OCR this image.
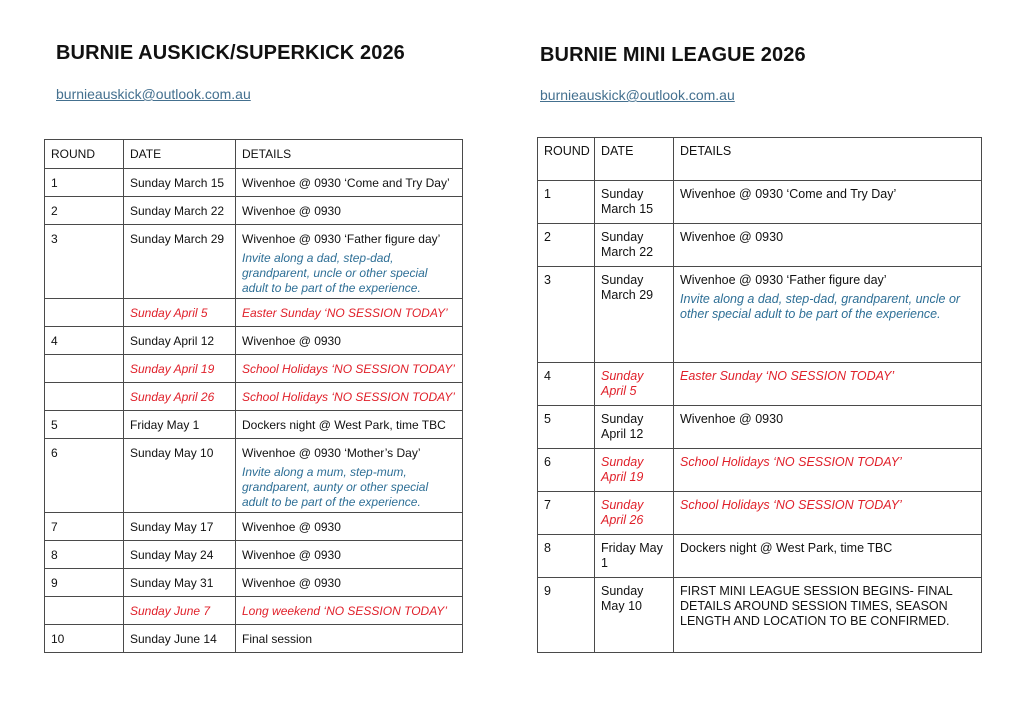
BURNIE AUSKICK/SUPERKICK 2026
burnieauskick@outlook.com.au
ROUND	DATE	DETAILS
1	Sunday March 15	Wivenhoe @ 0930 ‘Come and Try Day’
2	Sunday March 22	Wivenhoe @ 0930
3	Sunday March 29	Wivenhoe @ 0930 ‘Father figure day’
Invite along a dad, step-dad, grandparent, uncle or other special adult to be part of the experience.

	Sunday April 5	Easter Sunday ‘NO SESSION TODAY’
4	Sunday April 12	Wivenhoe @ 0930
	Sunday April 19	School Holidays ‘NO SESSION TODAY’
	Sunday April 26	School Holidays ‘NO SESSION TODAY’
5	Friday May 1	Dockers night @ West Park, time TBC
6	Sunday May 10	Wivenhoe @ 0930 ‘Mother’s Day’
Invite along a mum, step-mum, grandparent, aunty or other special adult to be part of the experience.

7	Sunday May 17	Wivenhoe @ 0930
8	Sunday May 24	Wivenhoe @ 0930
9	Sunday May 31	Wivenhoe @ 0930
	Sunday June 7	Long weekend ‘NO SESSION TODAY’
10	Sunday June 14	Final session
BURNIE MINI LEAGUE 2026
burnieauskick@outlook.com.au
ROUND	DATE	DETAILS
1	Sunday March 15	Wivenhoe @ 0930 ‘Come and Try Day’
2	Sunday March 22	Wivenhoe @ 0930
3	Sunday March 29	Wivenhoe @ 0930 ‘Father figure day’
Invite along a dad, step-dad, grandparent, uncle or other special adult to be part of the experience.

4	Sunday April 5	Easter Sunday ‘NO SESSION TODAY’
5	Sunday April 12	Wivenhoe @ 0930
6	Sunday April 19	School Holidays ‘NO SESSION TODAY’
7	Sunday April 26	School Holidays ‘NO SESSION TODAY’
8	Friday May 1	Dockers night @ West Park, time TBC
9	Sunday May 10	FIRST MINI LEAGUE SESSION BEGINS- FINAL DETAILS AROUND SESSION TIMES, SEASON LENGTH AND LOCATION TO BE CONFIRMED.
